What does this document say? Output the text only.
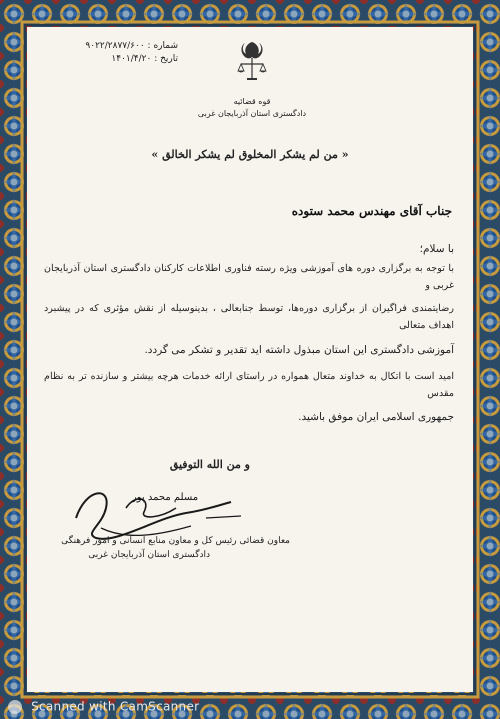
شماره : ۹۰۲۲/۲۸۷۷/۶۰۰
تاریخ : ۱۴۰۱/۴/۲۰
قوه قضائیه
دادگستری استان آذربایجان غربی
« من لم یشکر المخلوق لم یشکر الخالق »
جناب آقای مهندس محمد ستوده
با سلام؛
با توجه به برگزاری دوره های آموزشی ویژه رسته فناوری اطلاعات کارکنان دادگستری استان آذربایجان غربی و
رضایتمندی فراگیران از برگزاری دوره‌ها، توسط جنابعالی ، بدینوسیله از نقش مؤثری که در پیشبرد اهداف متعالی
آموزشی دادگستری این استان مبذول داشته اید تقدیر و تشکر می گردد.
امید است با اتکال به خداوند متعال همواره در راستای ارائه خدمات هرچه بیشتر و سازنده تر به نظام مقدس
جمهوری اسلامی ایران موفق باشید.
و من الله التوفیق
مسلم محمد پور
معاون قضائی رئیس کل و معاون منابع انسانی و امور فرهنگی
دادگستری استان آذربایجان غربی
Scanned with CamScanner
